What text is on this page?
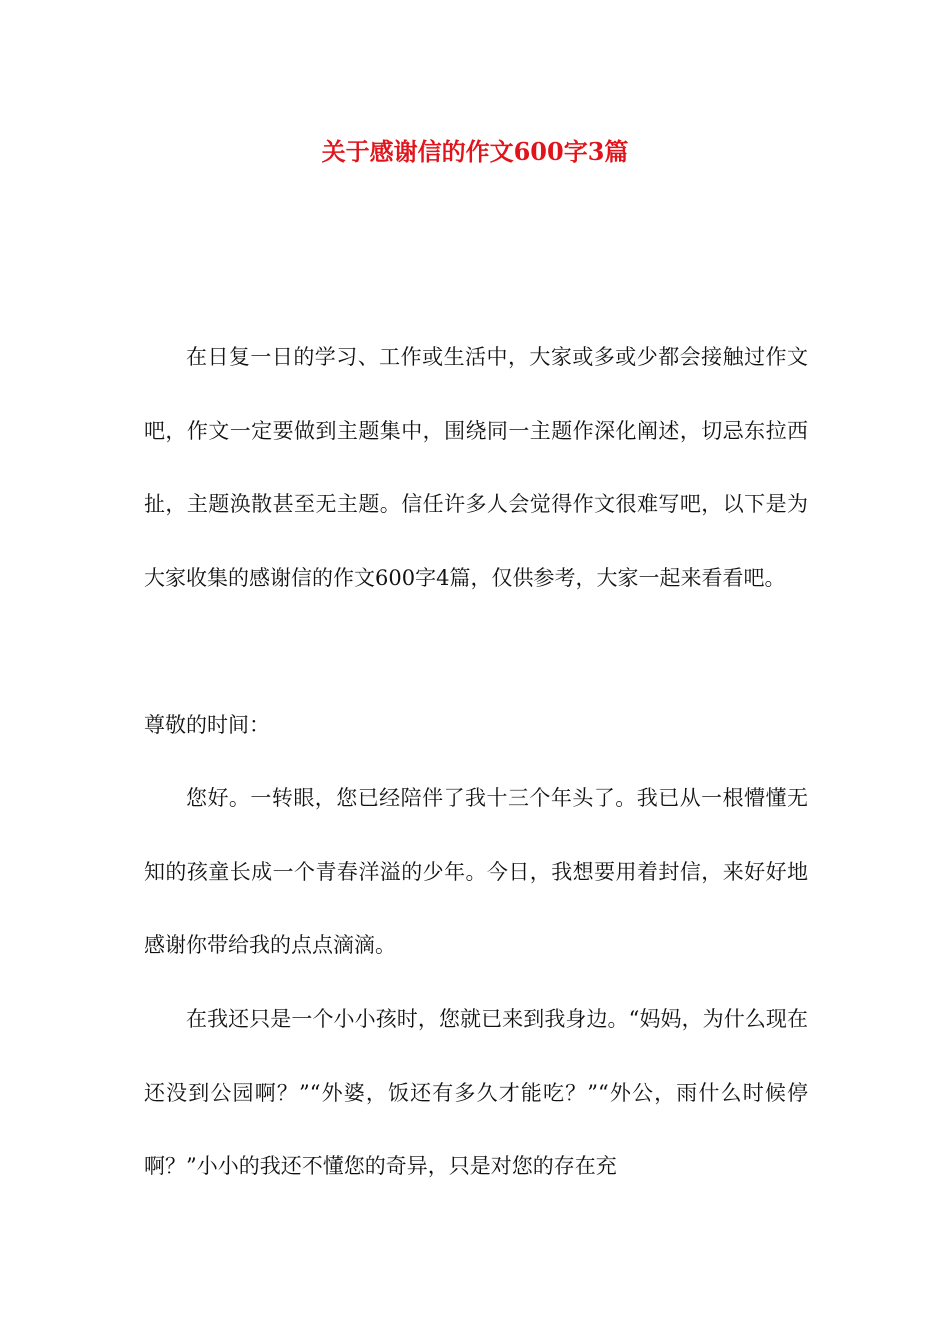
关于感谢信的作文600字3篇

在日复一日的学习、工作或生活中，大家或多或少都会接触过作文吧，作文一定要做到主题集中，围绕同一主题作深化阐述，切忌东拉西扯，主题涣散甚至无主题。信任许多人会觉得作文很难写吧，以下是为大家收集的感谢信的作文600字4篇，仅供参考，大家一起来看看吧。

尊敬的时间：

您好。一转眼，您已经陪伴了我十三个年头了。我已从一根懵懂无知的孩童长成一个青春洋溢的少年。今日，我想要用着封信，来好好地感谢你带给我的点点滴滴。

在我还只是一个小小孩时，您就已来到我身边。“妈妈，为什么现在还没到公园啊？”“外婆，饭还有多久才能吃？”“外公，雨什么时候停啊？”小小的我还不懂您的奇异，只是对您的存在充
